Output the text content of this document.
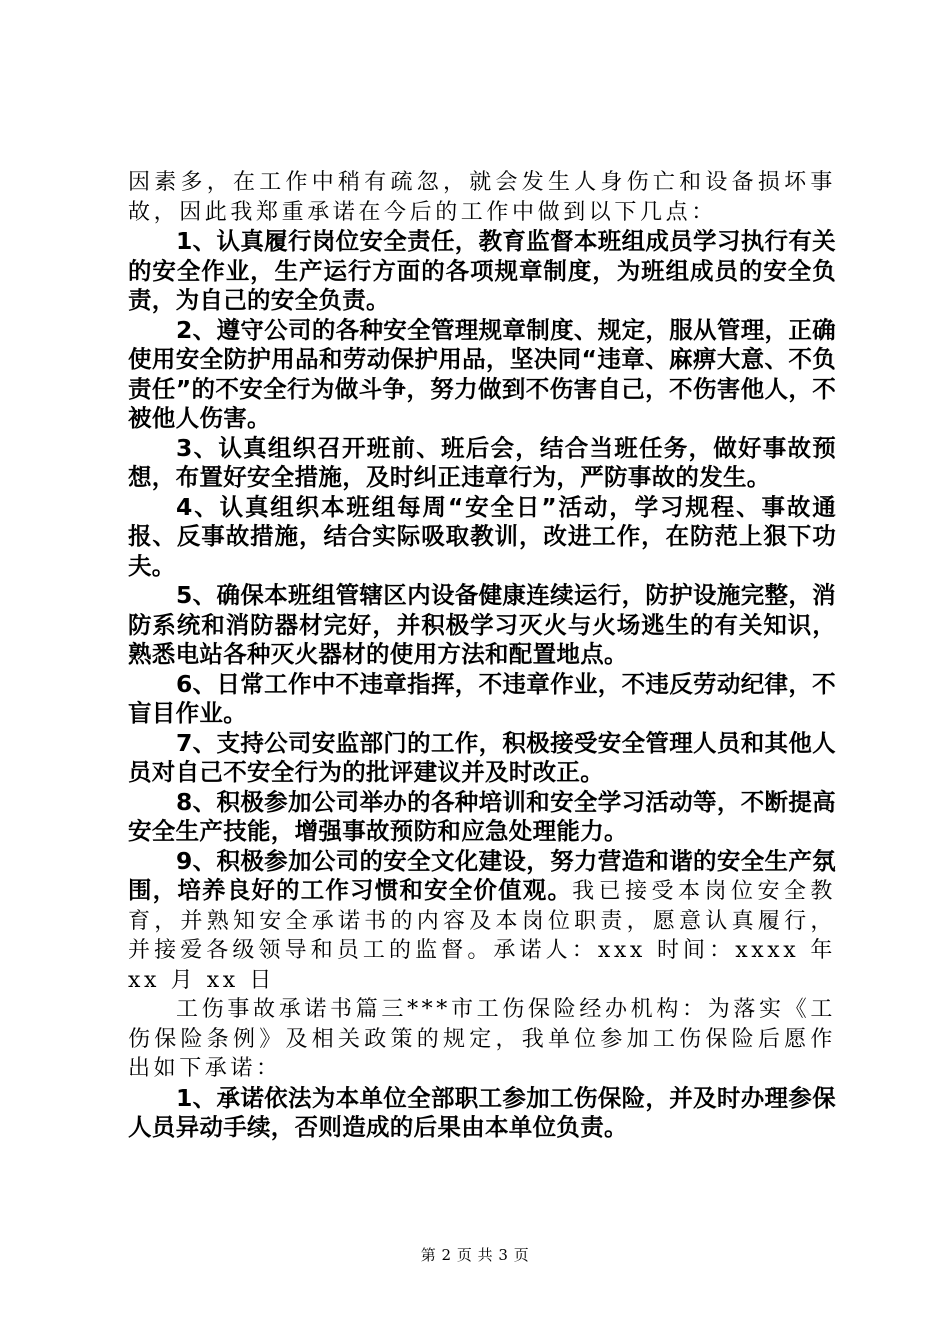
因素多，在工作中稍有疏忽，就会发生人身伤亡和设备损坏事故，因此我郑重承诺在今后的工作中做到以下几点：

1、认真履行岗位安全责任，教育监督本班组成员学习执行有关的安全作业，生产运行方面的各项规章制度，为班组成员的安全负责，为自己的安全负责。

2、遵守公司的各种安全管理规章制度、规定，服从管理，正确使用安全防护用品和劳动保护用品，坚决同“违章、麻痹大意、不负责任”的不安全行为做斗争，努力做到不伤害自己，不伤害他人，不被他人伤害。

3、认真组织召开班前、班后会，结合当班任务，做好事故预想，布置好安全措施，及时纠正违章行为，严防事故的发生。

4、认真组织本班组每周“安全日”活动，学习规程、事故通报、反事故措施，结合实际吸取教训，改进工作，在防范上狠下功夫。

5、确保本班组管辖区内设备健康连续运行，防护设施完整，消防系统和消防器材完好，并积极学习灭火与火场逃生的有关知识，熟悉电站各种灭火器材的使用方法和配置地点。

6、日常工作中不违章指挥，不违章作业，不违反劳动纪律，不盲目作业。

7、支持公司安监部门的工作，积极接受安全管理人员和其他人员对自己不安全行为的批评建议并及时改正。

8、积极参加公司举办的各种培训和安全学习活动等，不断提高安全生产技能，增强事故预防和应急处理能力。

9、积极参加公司的安全文化建设，努力营造和谐的安全生产氛围，培养良好的工作习惯和安全价值观。我已接受本岗位安全教育，并熟知安全承诺书的内容及本岗位职责，愿意认真履行，并接爱各级领导和员工的监督。承诺人：xxx 时间：xxxx 年 xx 月 xx 日

工伤事故承诺书篇三***市工伤保险经办机构：为落实《工伤保险条例》及相关政策的规定，我单位参加工伤保险后愿作出如下承诺：

1、承诺依法为本单位全部职工参加工伤保险，并及时办理参保人员异动手续，否则造成的后果由本单位负责。

第 2 页 共 3 页
